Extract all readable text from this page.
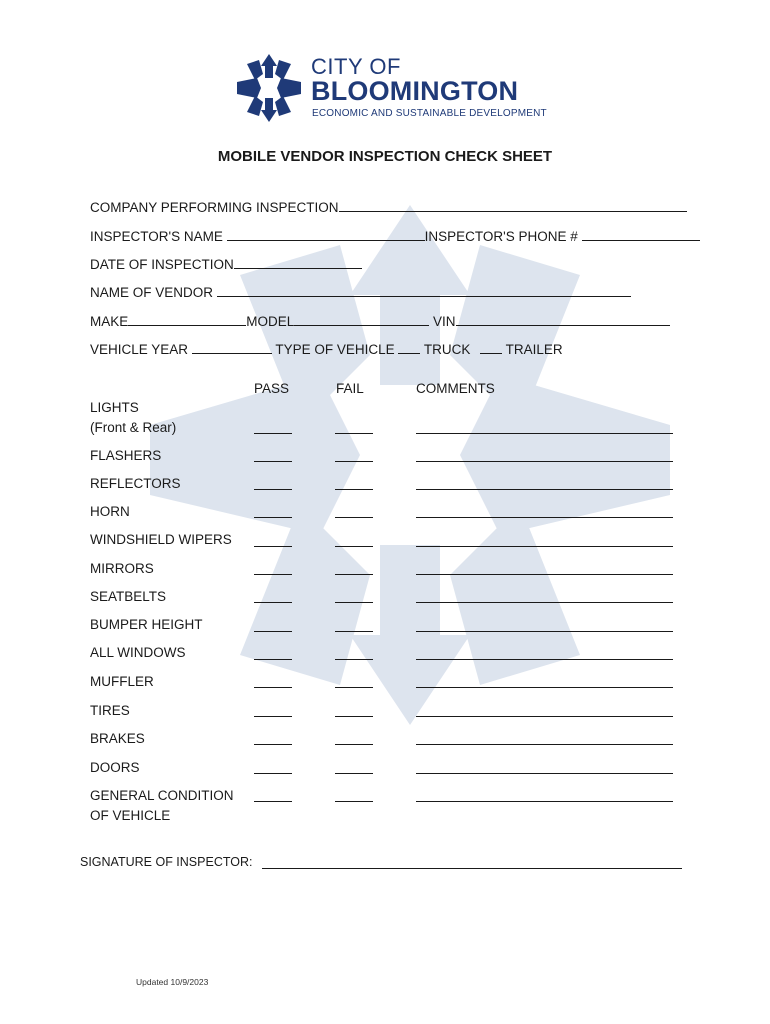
CITY OF
BLOOMINGTON
ECONOMIC AND SUSTAINABLE DEVELOPMENT
MOBILE VENDOR INSPECTION CHECK SHEET
COMPANY PERFORMING INSPECTION
INSPECTOR'S NAME	INSPECTOR'S PHONE #
DATE OF INSPECTION
NAME OF VENDOR
MAKE	MODEL	VIN
VEHICLE YEAR	TYPE OF VEHICLE TRUCK	TRAILER
PASS	FAIL	COMMENTS
LIGHTS
(Front & Rear)
FLASHERS
REFLECTORS
HORN
WINDSHIELD WIPERS
MIRRORS
SEATBELTS
BUMPER HEIGHT
ALL WINDOWS
MUFFLER
TIRES
BRAKES
DOORS
GENERAL CONDITION
OF VEHICLE
SIGNATURE OF INSPECTOR:
Updated 10/9/2023
